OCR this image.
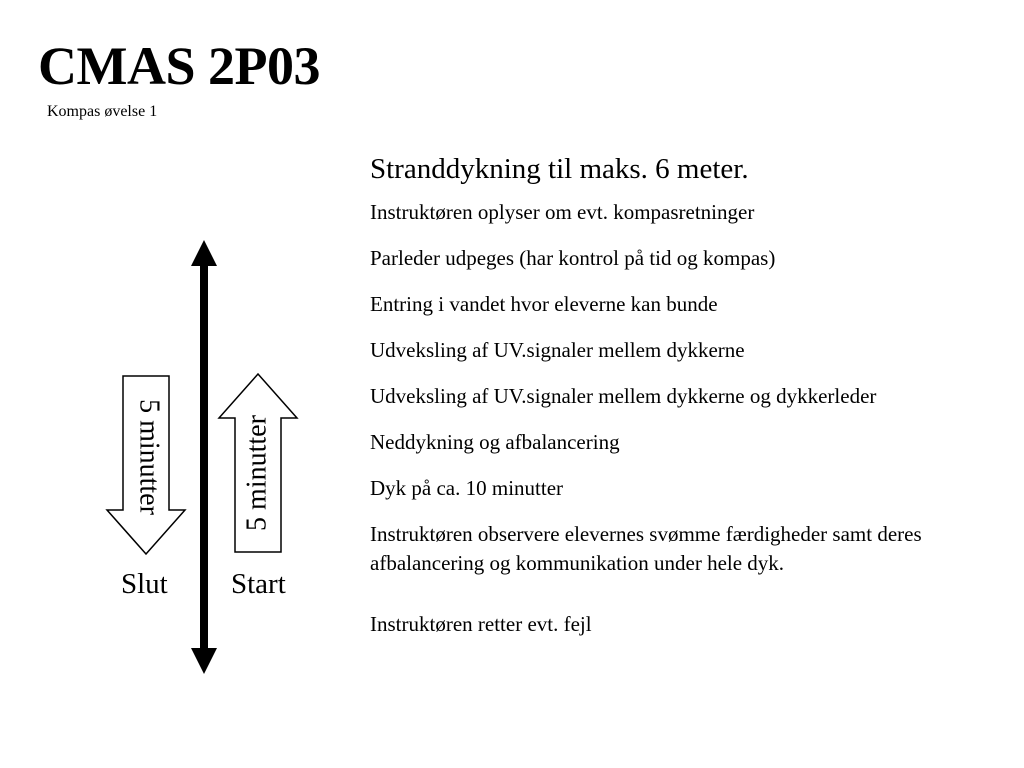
CMAS 2P03
Kompas øvelse 1
5 minutter	5 minutter
Slut Start
Stranddykning til maks. 6 meter.
Instruktøren oplyser om evt. kompasretninger
Parleder udpeges (har kontrol på tid og kompas)
Entring i vandet hvor eleverne kan bunde
Udveksling af UV.signaler mellem dykkerne
Udveksling af UV.signaler mellem dykkerne og dykkerleder
Neddykning og afbalancering
Dyk på ca. 10 minutter
Instruktøren observere elevernes svømme færdigheder samt deres afbalancering og kommunikation under hele dyk.
Instruktøren retter evt. fejl
